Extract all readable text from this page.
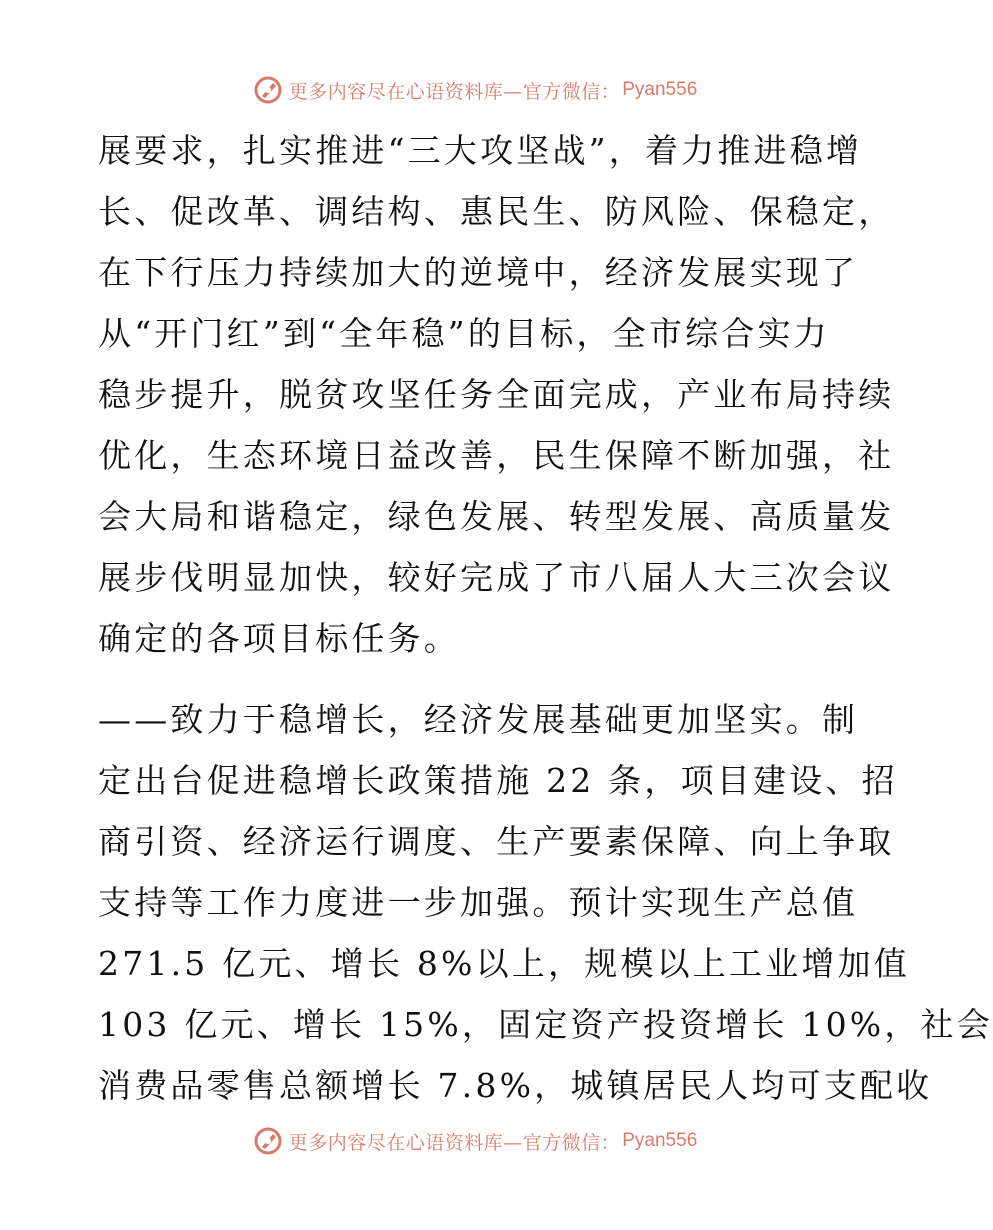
更多内容尽在心语资料库—官方微信： Pyan556
展要求，扎实推进“三大攻坚战”，着力推进稳增
长、促改革、调结构、惠民生、防风险、保稳定，
在下行压力持续加大的逆境中，经济发展实现了
从“开门红”到“全年稳”的目标，全市综合实力
稳步提升，脱贫攻坚任务全面完成，产业布局持续
优化，生态环境日益改善，民生保障不断加强，社
会大局和谐稳定，绿色发展、转型发展、高质量发
展步伐明显加快，较好完成了市八届人大三次会议
确定的各项目标任务。
——致力于稳增长，经济发展基础更加坚实。制
定出台促进稳增长政策措施 22 条，项目建设、招
商引资、经济运行调度、生产要素保障、向上争取
支持等工作力度进一步加强。预计实现生产总值
271.5 亿元、增长 8%以上，规模以上工业增加值
103 亿元、增长 15%，固定资产投资增长 10%，社会
消费品零售总额增长 7.8%，城镇居民人均可支配收
更多内容尽在心语资料库—官方微信： Pyan556
